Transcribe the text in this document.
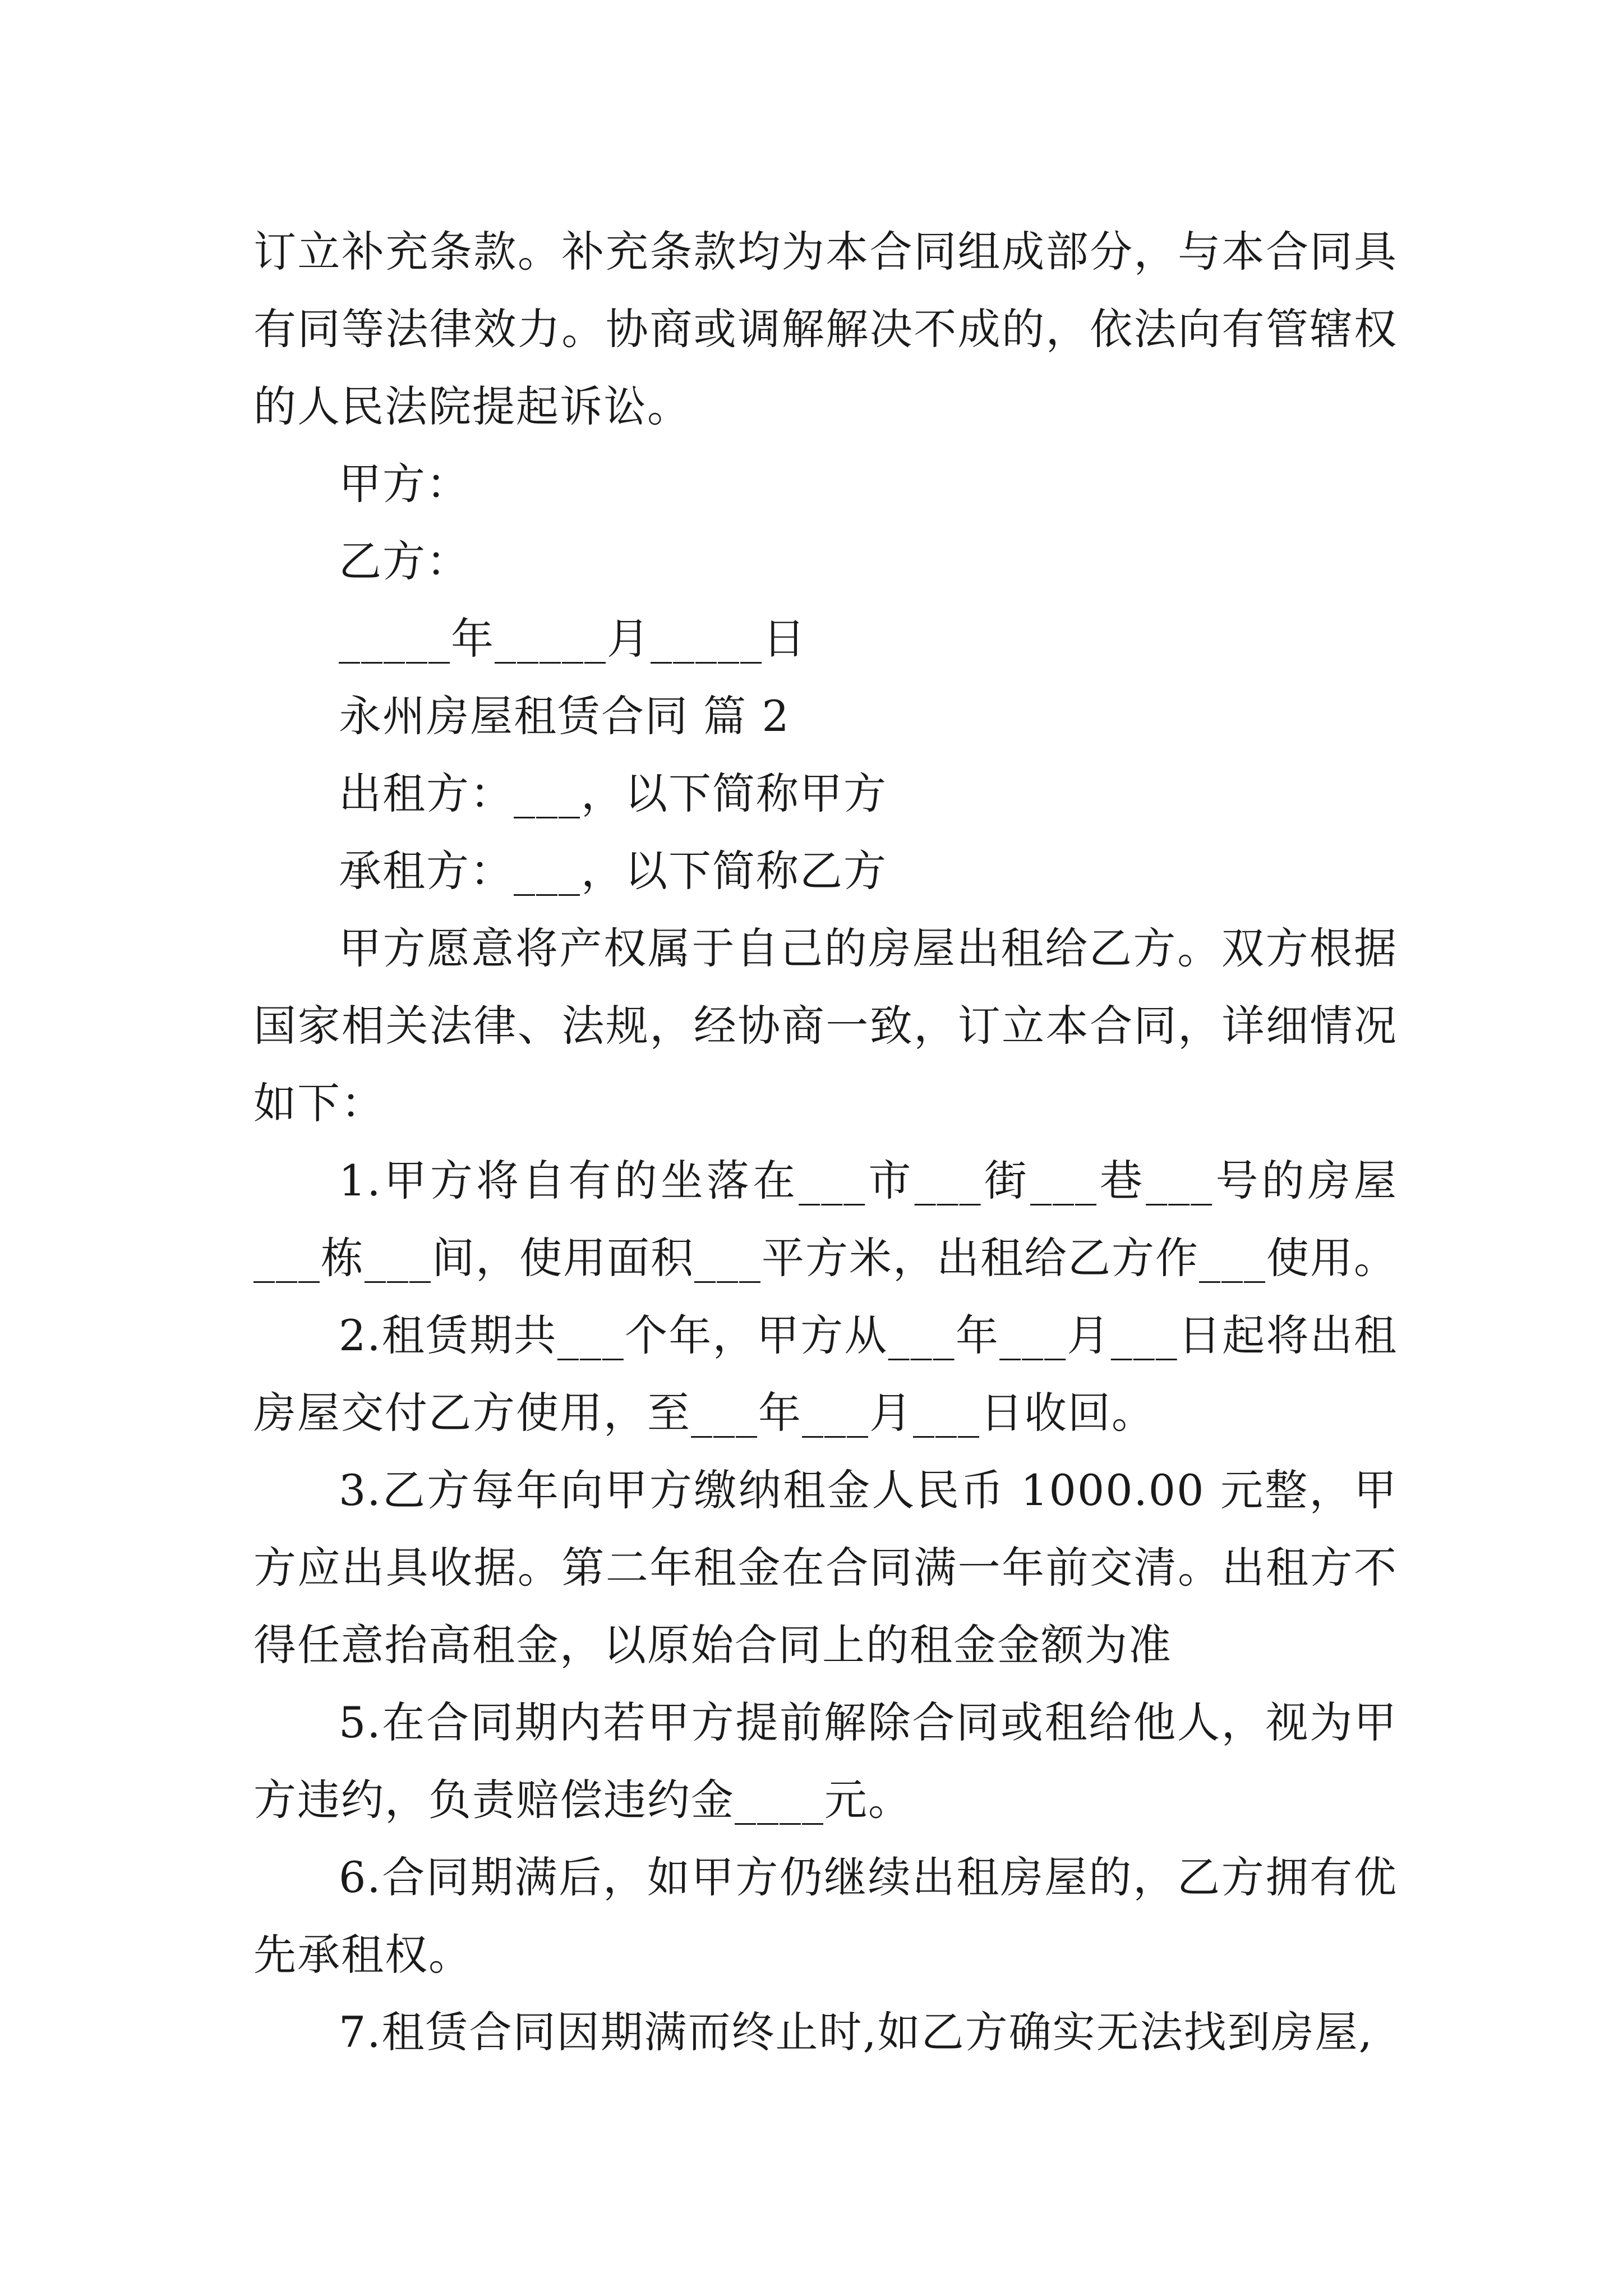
订立补充条款。补充条款均为本合同组成部分，与本合同具有同等法律效力。协商或调解解决不成的，依法向有管辖权的人民法院提起诉讼。

甲方：

乙方：

_____年_____月_____日

永州房屋租赁合同 篇 2

出租方：___，以下简称甲方

承租方：___，以下简称乙方

甲方愿意将产权属于自己的房屋出租给乙方。双方根据国家相关法律、法规，经协商一致，订立本合同，详细情况如下：

1.甲方将自有的坐落在___市___街___巷___号的房屋___栋___间，使用面积___平方米，出租给乙方作___使用。

2.租赁期共___个年，甲方从___年___月___日起将出租房屋交付乙方使用，至___年___月___日收回。

3.乙方每年向甲方缴纳租金人民币 1000.00 元整，甲方应出具收据。第二年租金在合同满一年前交清。出租方不得任意抬高租金，以原始合同上的租金金额为准

5.在合同期内若甲方提前解除合同或租给他人，视为甲方违约，负责赔偿违约金____元。

6.合同期满后，如甲方仍继续出租房屋的，乙方拥有优先承租权。

7.租赁合同因期满而终止时,如乙方确实无法找到房屋,
